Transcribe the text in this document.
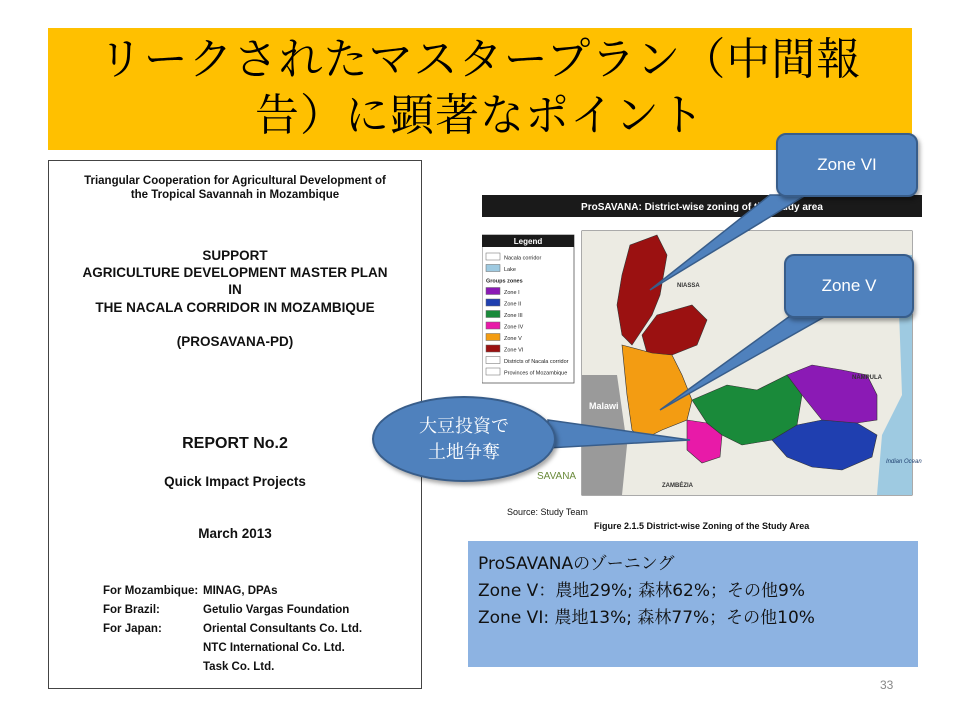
リークされたマスタープラン（中間報
告）に顕著なポイント
Triangular Cooperation for Agricultural Development of
the Tropical Savannah in Mozambique
SUPPORT
AGRICULTURE DEVELOPMENT MASTER PLAN
IN
THE NACALA CORRIDOR IN MOZAMBIQUE
(PROSAVANA-PD)
REPORT No.2
Quick Impact Projects
March 2013
For Mozambique: MINAG, DPAs
For Brazil:	Getulio Vargas Foundation
For Japan:	Oriental Consultants Co. Ltd.
NTC International Co. Ltd.
Task Co. Ltd.
ProSAVANA: District-wise zoning of the Study area
Malawi
NIASSA
NAMPULA
ZAMBÉZIA
Indian Ocean
SAVANA
Legend
Nacala corridor
Lake
Groups zones
Zone I
Zone II
Zone III
Zone IV
Zone V
Zone VI
Districts of Nacala corridor
Provinces of Mozambique
Source: Study Team
Figure 2.1.5 District-wise Zoning of the Study Area
Zone VI
Zone V
大豆投資で
土地争奪
ProSAVANAのゾーニング
Zone V：農地29%; 森林62%；その他9%
Zone VI: 農地13%; 森林77%；その他10%
33
